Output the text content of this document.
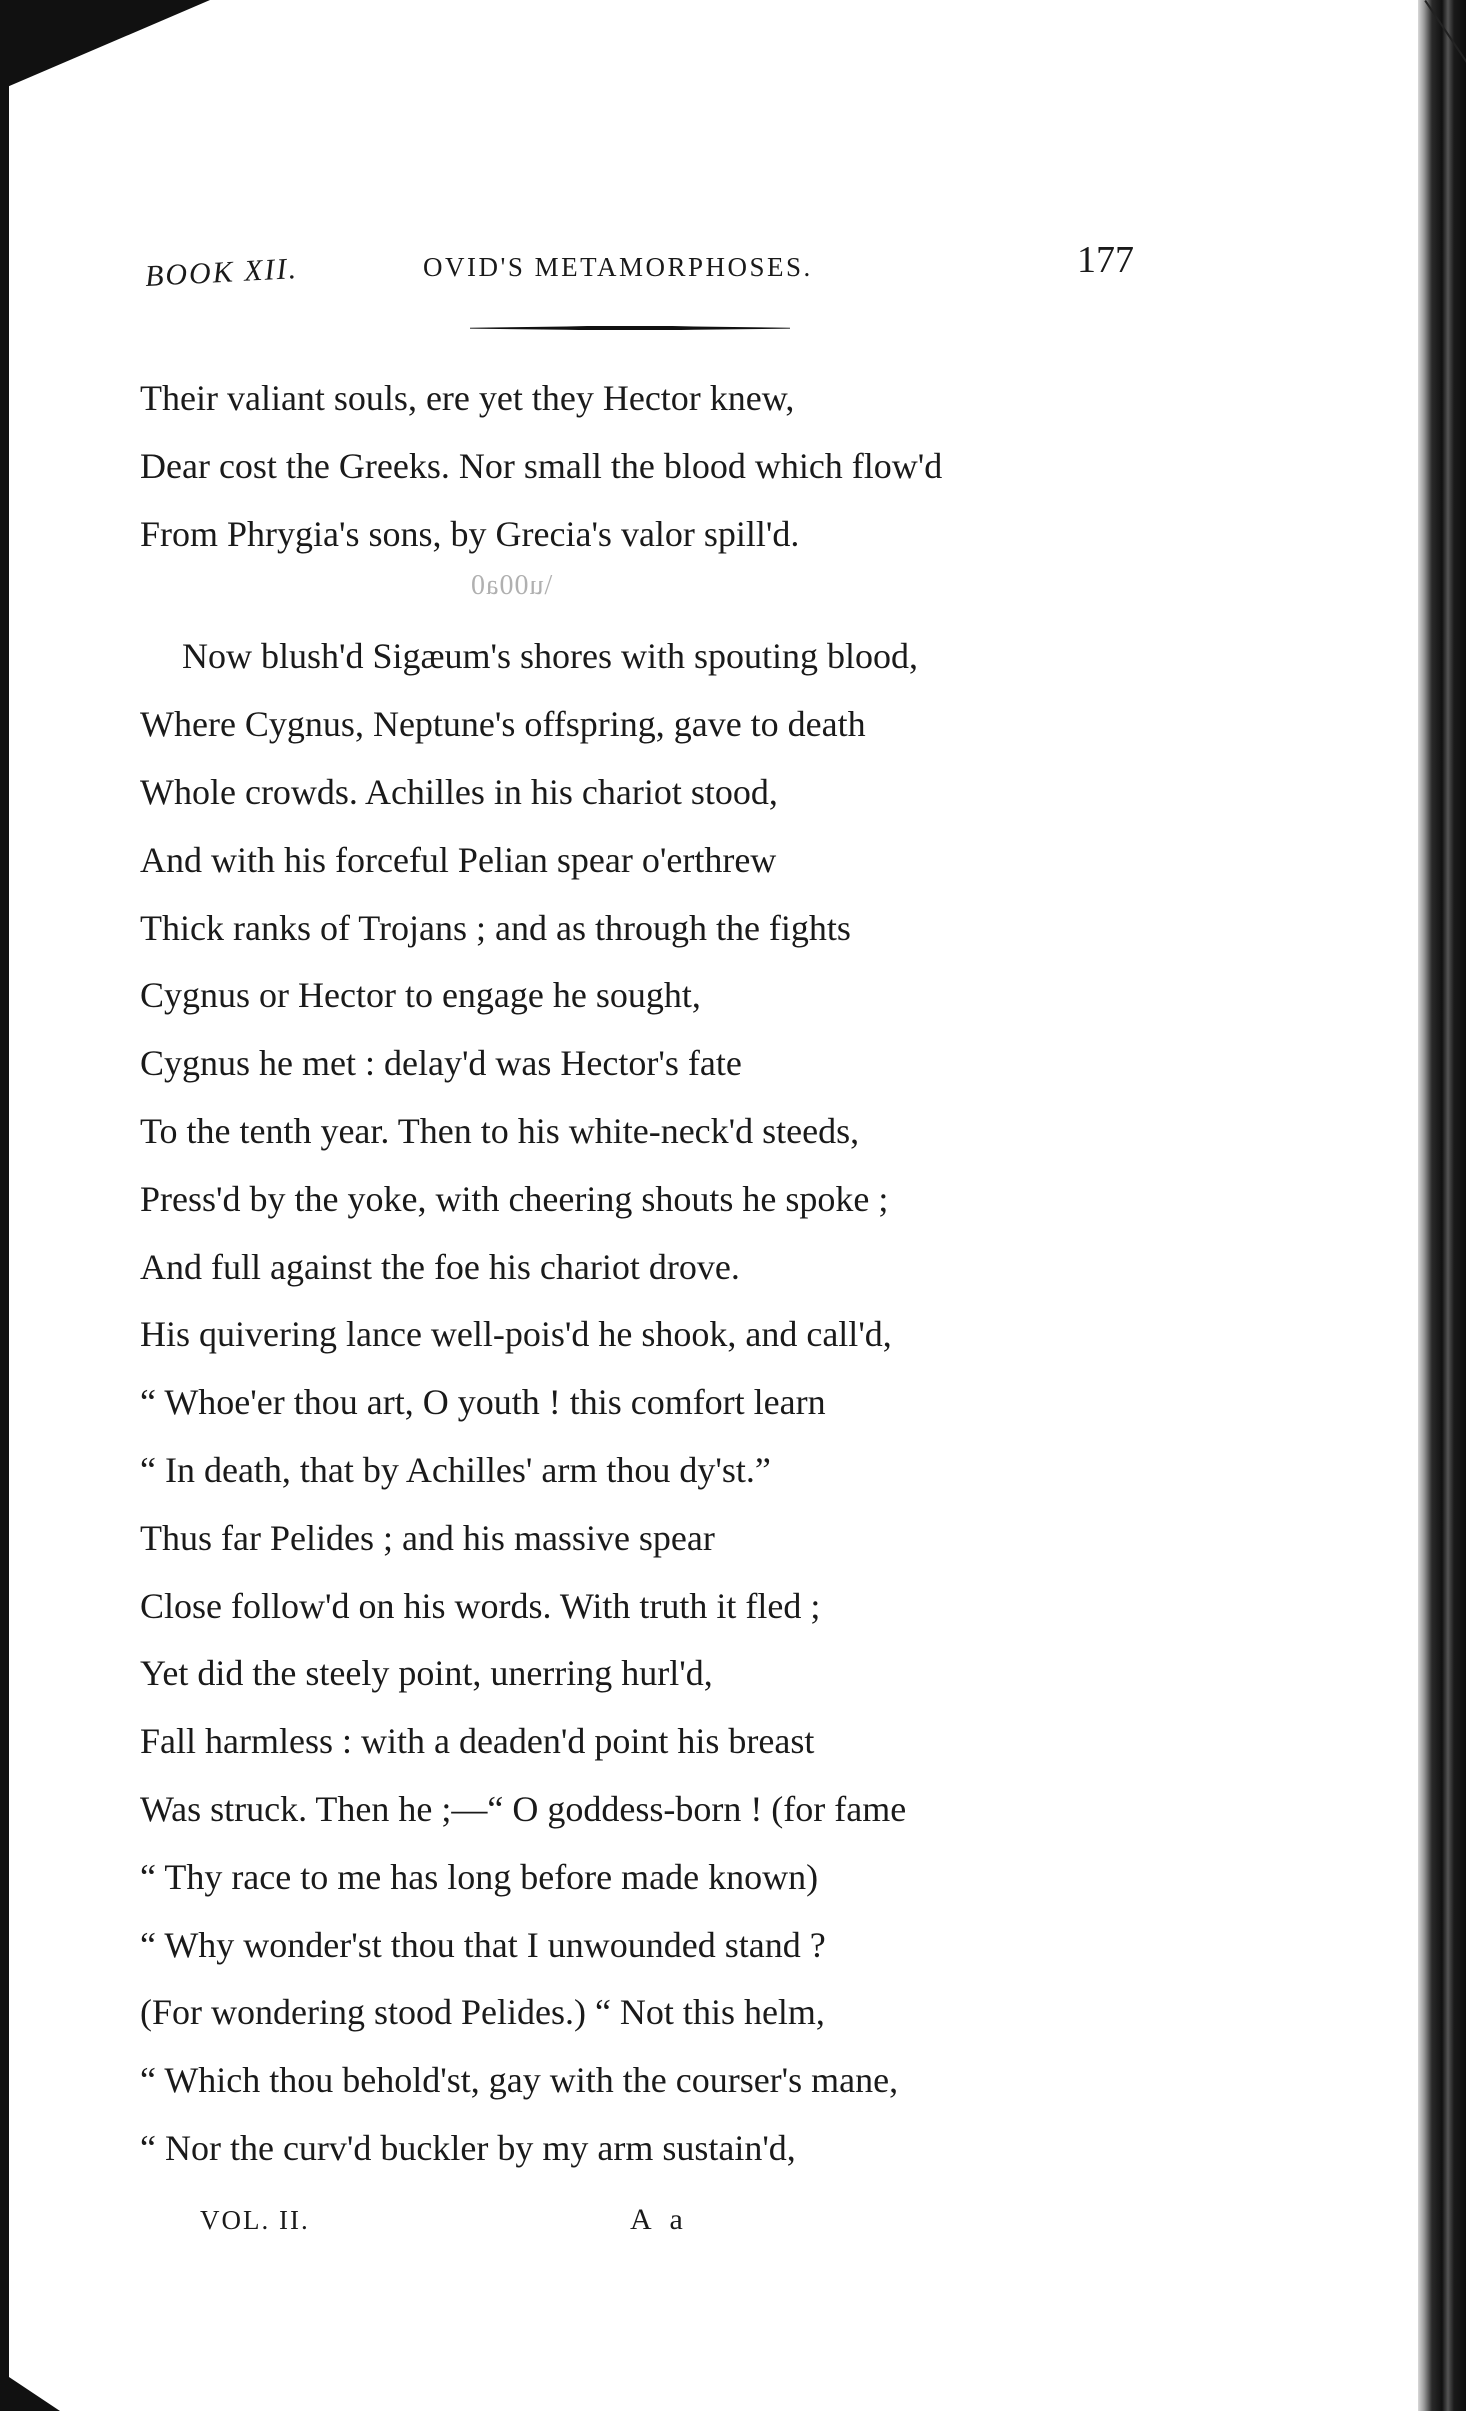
BOOK XII.	OVID'S METAMORPHOSES.	177
\u00a0
Their valiant souls, ere yet they Hector knew,
Dear cost the Greeks. Nor small the blood which flow'd
From Phrygia's sons, by Grecia's valor spill'd.
Now blush'd Sigæum's shores with spouting blood,
Where Cygnus, Neptune's offspring, gave to death
Whole crowds. Achilles in his chariot stood,
And with his forceful Pelian spear o'erthrew
Thick ranks of Trojans ; and as through the fights
Cygnus or Hector to engage he sought,
Cygnus he met : delay'd was Hector's fate
To the tenth year. Then to his white-neck'd steeds,
Press'd by the yoke, with cheering shouts he spoke ;
And full against the foe his chariot drove.
His quivering lance well-pois'd he shook, and call'd,
“ Whoe'er thou art, O youth ! this comfort learn
“ In death, that by Achilles' arm thou dy'st.”
Thus far Pelides ; and his massive spear
Close follow'd on his words. With truth it fled ;
Yet did the steely point, unerring hurl'd,
Fall harmless : with a deaden'd point his breast
Was struck. Then he ;—“ O goddess-born ! (for fame
“ Thy race to me has long before made known)
“ Why wonder'st thou that I unwounded stand ?
(For wondering stood Pelides.) “ Not this helm,
“ Which thou behold'st, gay with the courser's mane,
“ Nor the curv'd buckler by my arm sustain'd,
VOL. II.	A a
